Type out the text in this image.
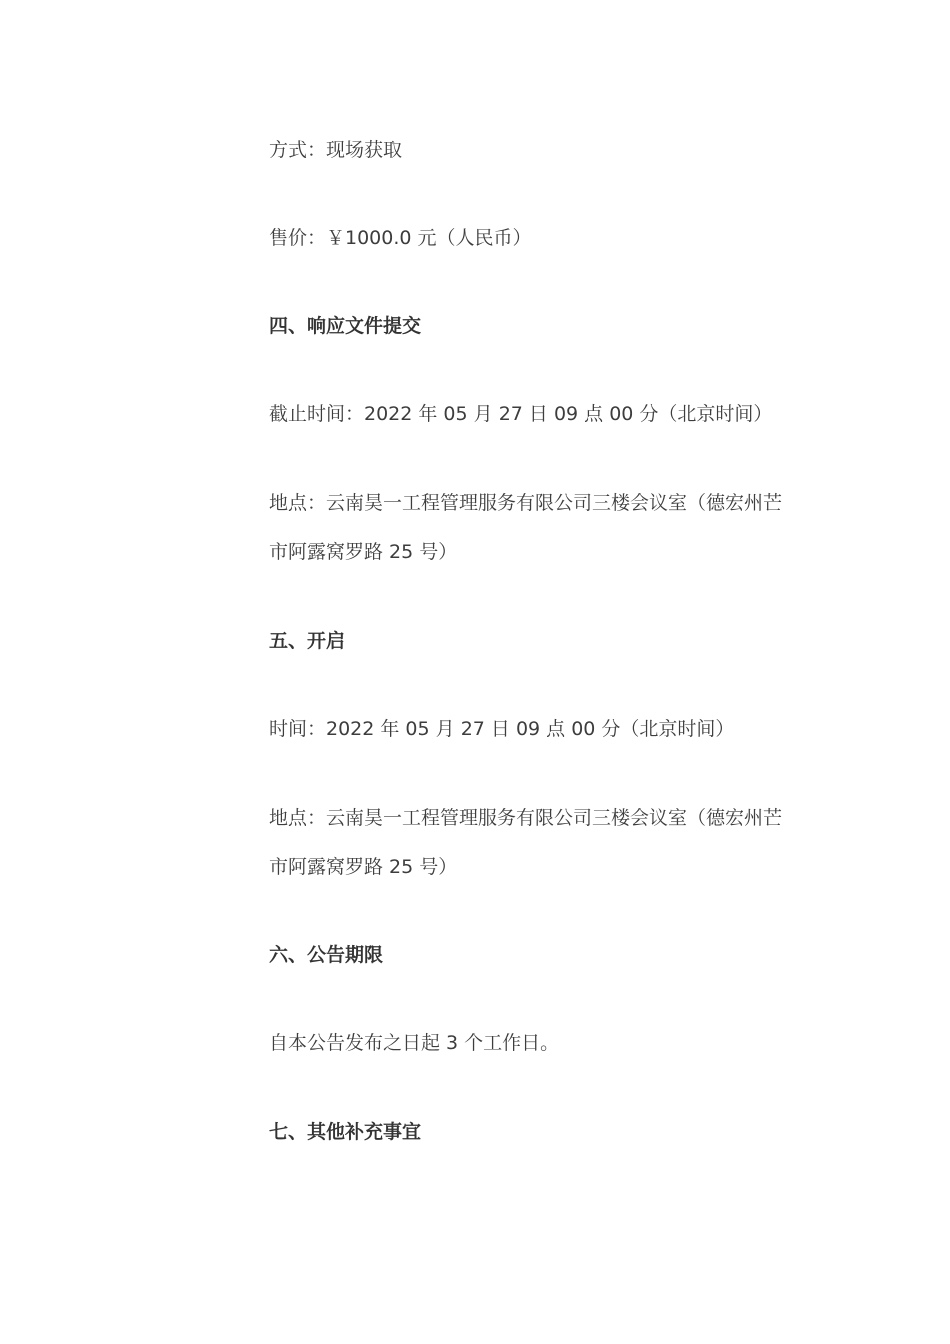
方式：现场获取
售价：￥1000.0 元（人民币）
四、响应文件提交
截止时间：2022 年 05 月 27 日 09 点 00 分（北京时间）
地点：云南昊一工程管理服务有限公司三楼会议室（德宏州芒
市阿露窝罗路 25 号）
五、开启
时间：2022 年 05 月 27 日 09 点 00 分（北京时间）
地点：云南昊一工程管理服务有限公司三楼会议室（德宏州芒
市阿露窝罗路 25 号）
六、公告期限
自本公告发布之日起 3 个工作日。
七、其他补充事宜
